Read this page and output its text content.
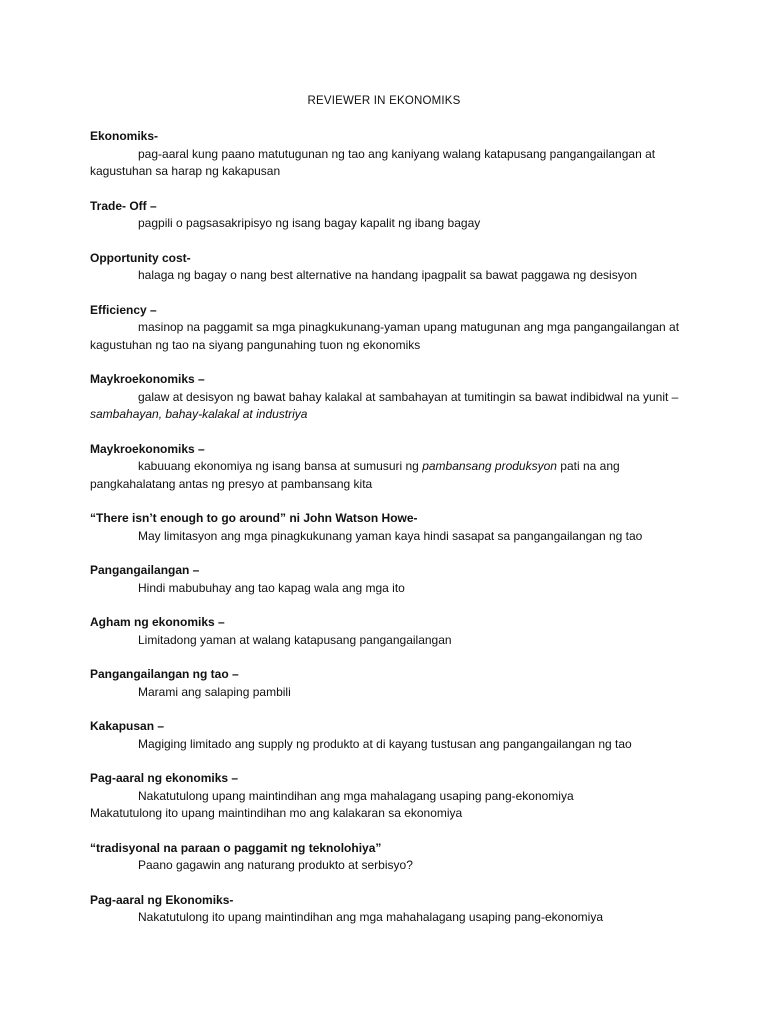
REVIEWER IN EKONOMIKS
Ekonomiks-
pag-aaral kung paano matutugunan ng tao ang kaniyang walang katapusang pangangailangan at kagustuhan sa harap ng kakapusan
Trade- Off –
pagpili o pagsasakripisyo ng isang bagay kapalit ng ibang bagay
Opportunity cost-
halaga ng bagay o nang best alternative na handang ipagpalit sa bawat paggawa ng desisyon
Efficiency –
masinop na paggamit sa mga pinagkukunang-yaman upang matugunan ang mga pangangailangan at kagustuhan ng tao na siyang pangunahing tuon ng ekonomiks
Maykroekonomiks –
galaw at desisyon ng bawat bahay kalakal at sambahayan at tumitingin sa bawat indibidwal na yunit – sambahayan, bahay-kalakal at industriya
Maykroekonomiks –
kabuuang ekonomiya ng isang bansa at sumusuri ng pambansang produksyon pati na ang pangkahalatang antas ng presyo at pambansang kita
“There isn’t enough to go around” ni John Watson Howe-
May limitasyon ang mga pinagkukunang yaman kaya hindi sasapat sa pangangailangan ng tao
Pangangailangan –
Hindi mabubuhay ang tao kapag wala ang mga ito
Agham ng ekonomiks –
Limitadong yaman at walang katapusang pangangailangan
Pangangailangan ng tao –
Marami ang salaping pambili
Kakapusan –
Magiging limitado ang supply ng produkto at di kayang tustusan ang pangangailangan ng tao
Pag-aaral ng ekonomiks –
Nakatutulong upang maintindihan ang mga mahalagang usaping pang-ekonomiya
Makatutulong ito upang maintindihan mo ang kalakaran sa ekonomiya
“tradisyonal na paraan o paggamit ng teknolohiya”
Paano gagawin ang naturang produkto at serbisyo?
Pag-aaral ng Ekonomiks-
Nakatutulong ito upang maintindihan ang mga mahahalagang usaping pang-ekonomiya
